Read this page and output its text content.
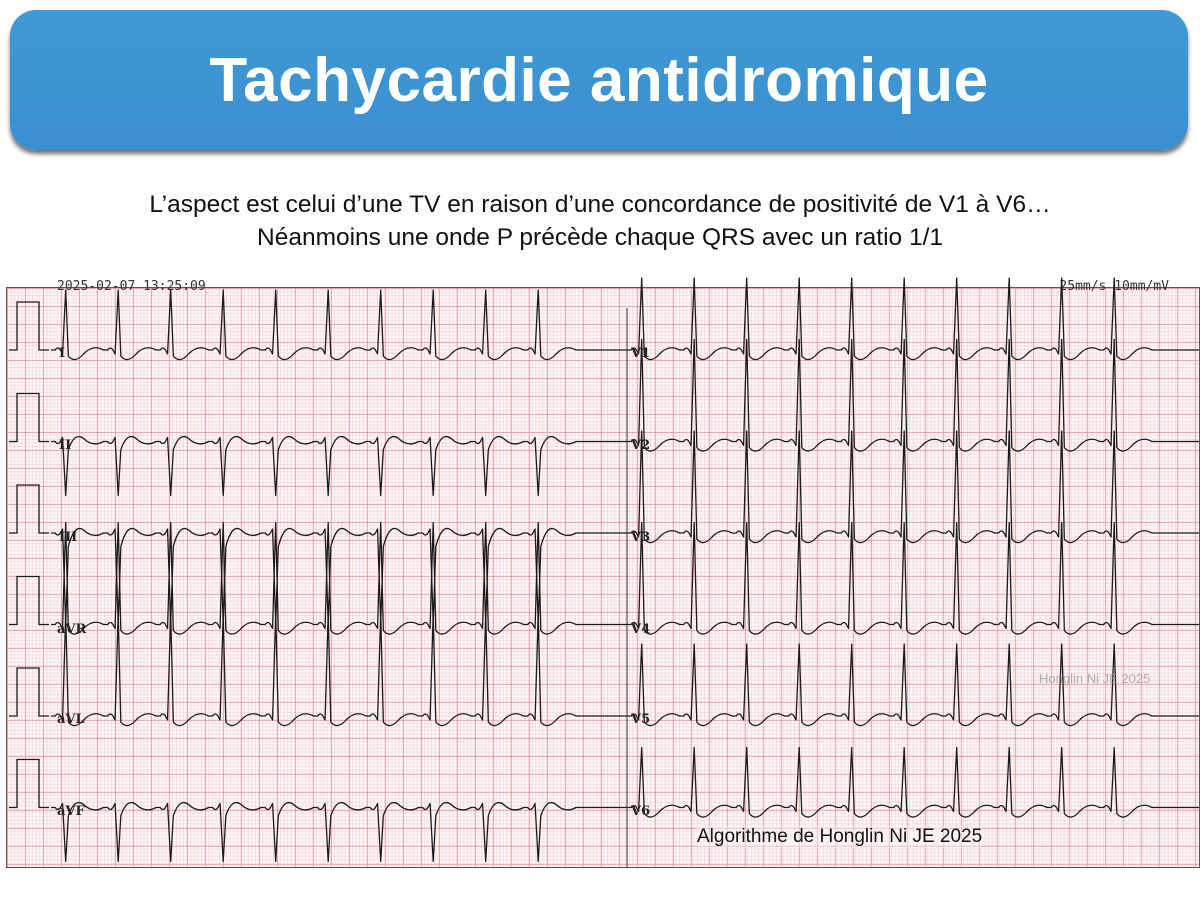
Tachycardie antidromique
L’aspect est celui d’une TV en raison d’une concordance de positivité de V1 à V6…
Néanmoins une onde P précède chaque QRS avec un ratio 1/1
2025-02-07 13:25:09	25mm/s 10mm/mV
I
II
III
aVR
aVL
aVF
V1
V2
V3
V4
V5
V6
Honglin Ni JE 2025
Algorithme de Honglin Ni JE 2025
